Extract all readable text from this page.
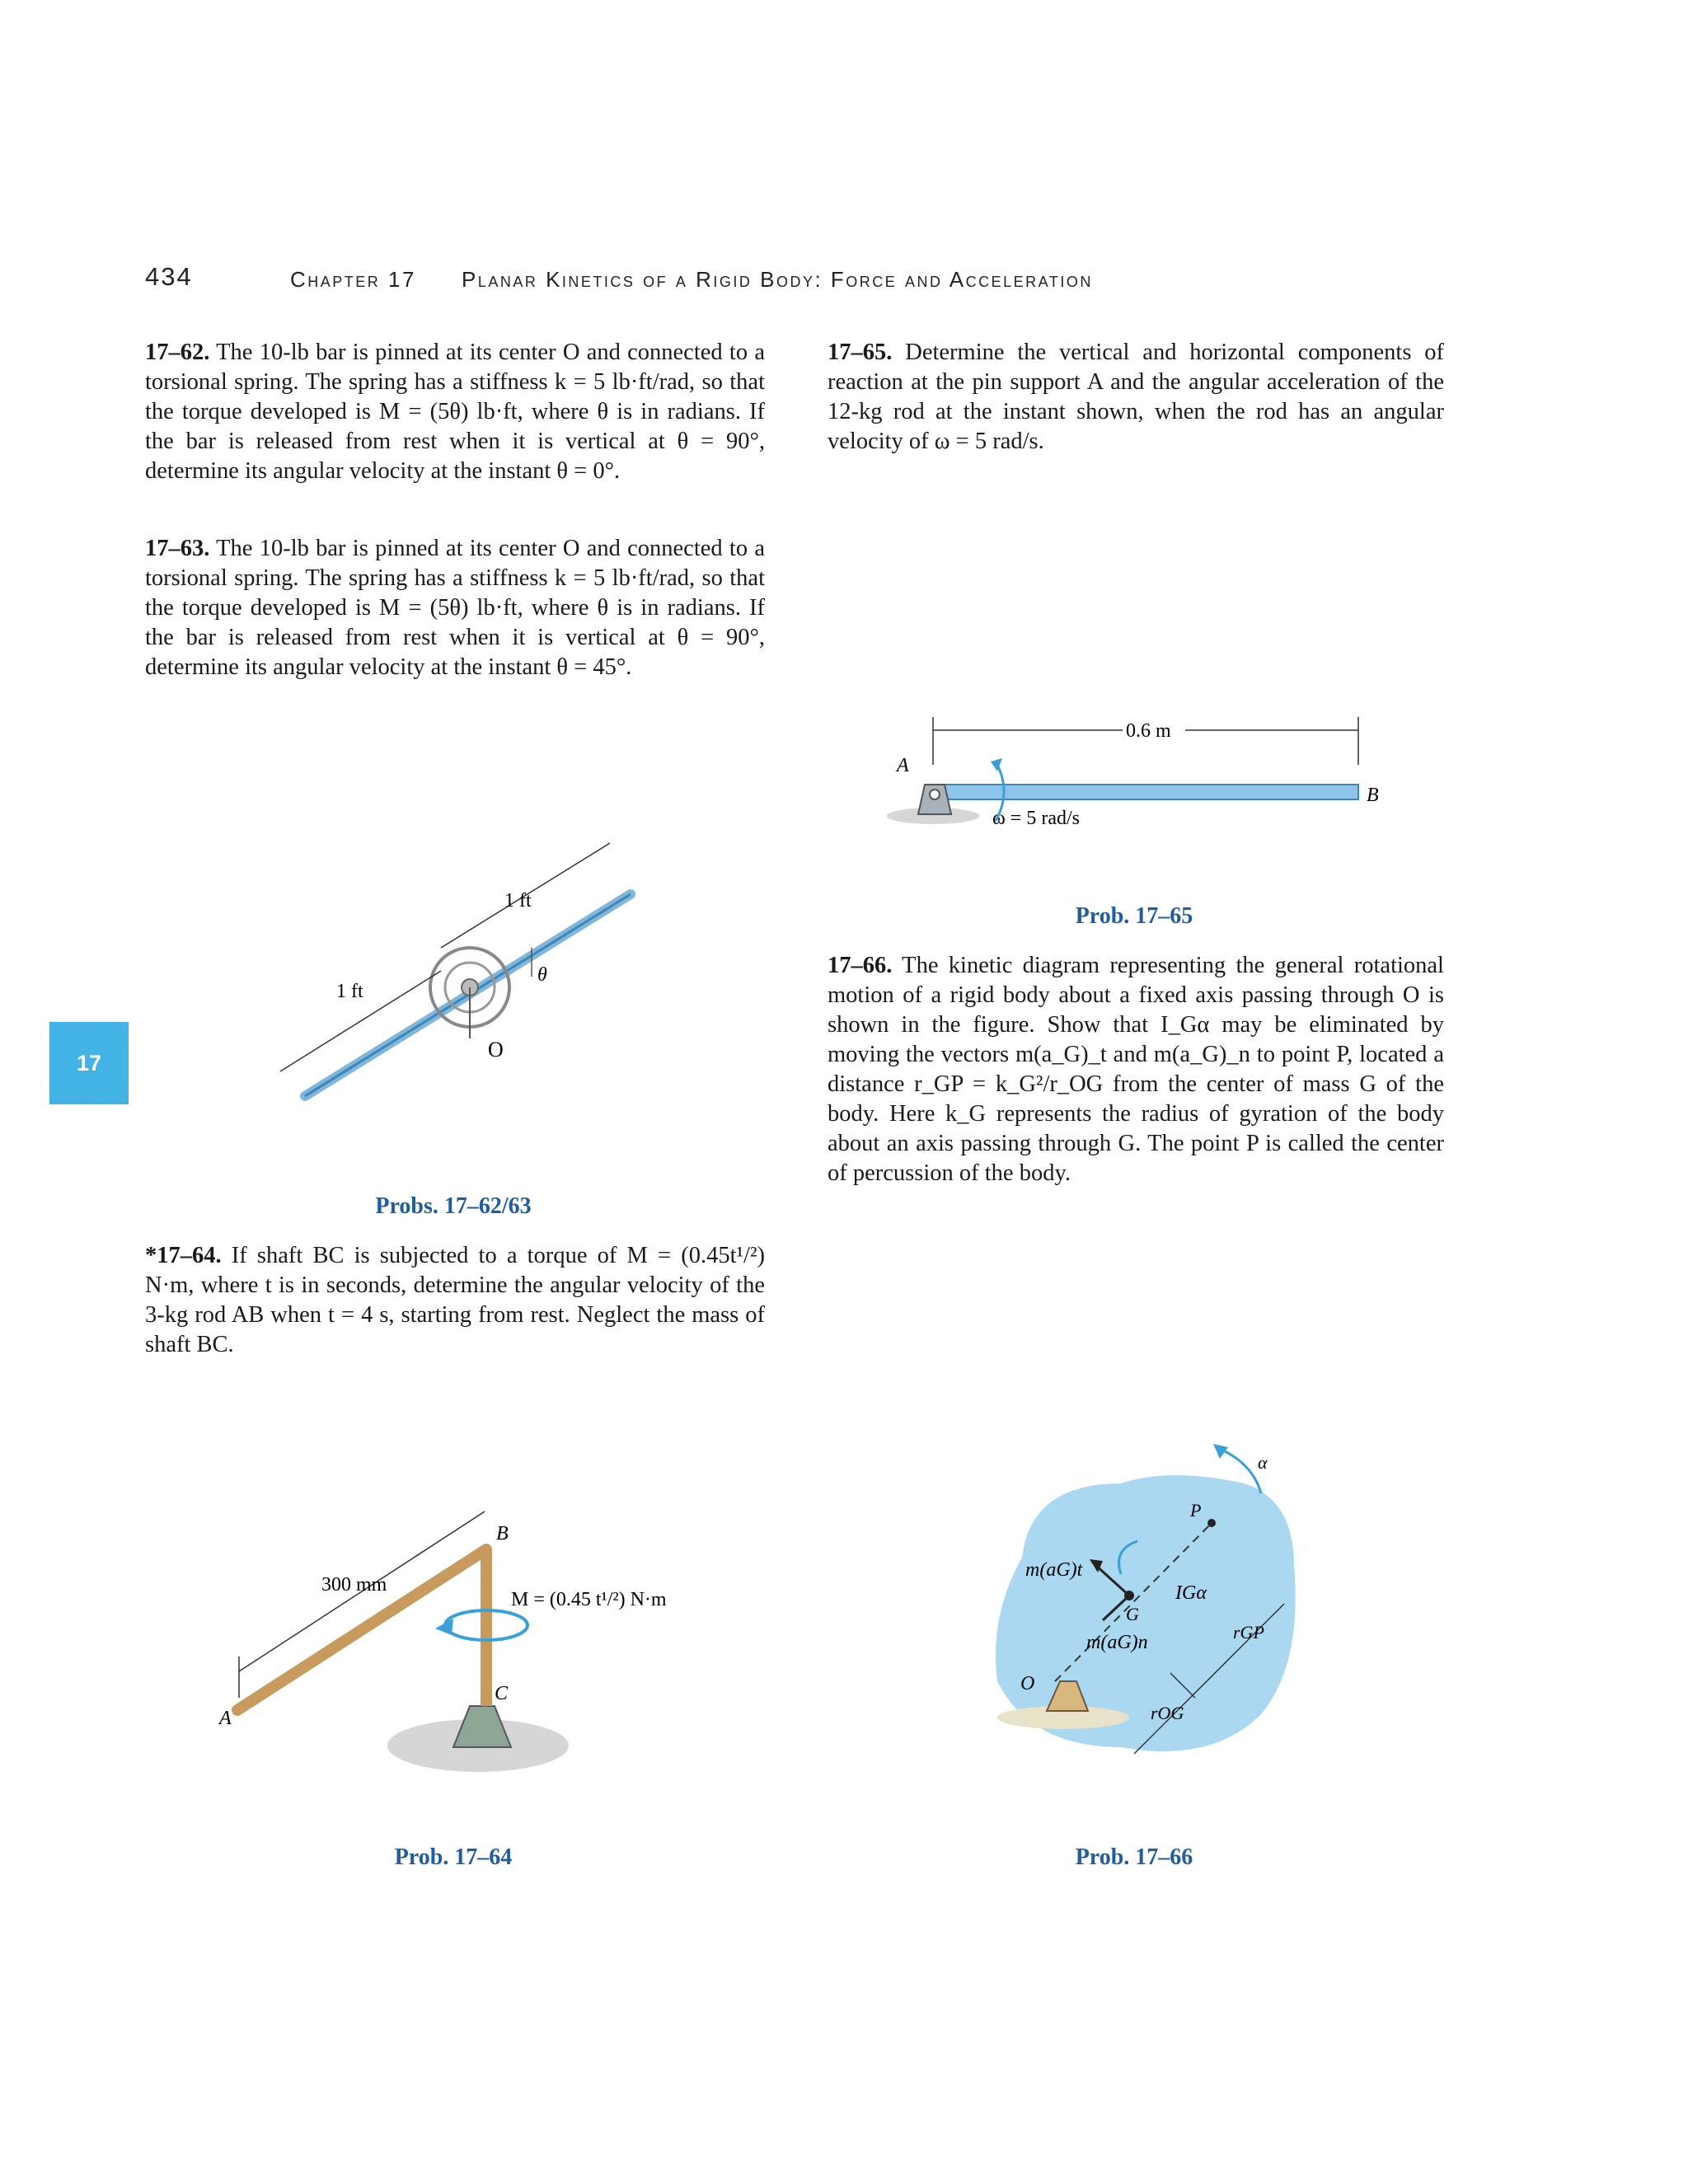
434	Chapter 17 Planar Kinetics of a Rigid Body: Force and Acceleration
17

17–62. The 10-lb bar is pinned at its center O and connected to a torsional spring. The spring has a stiffness k = 5 lb·ft/rad, so that the torque developed is M = (5θ) lb·ft, where θ is in radians. If the bar is released from rest when it is vertical at θ = 90°, determine its angular velocity at the instant θ = 0°.

17–63. The 10-lb bar is pinned at its center O and connected to a torsional spring. The spring has a stiffness k = 5 lb·ft/rad, so that the torque developed is M = (5θ) lb·ft, where θ is in radians. If the bar is released from rest when it is vertical at θ = 90°, determine its angular velocity at the instant θ = 45°.

*17–64. If shaft BC is subjected to a torque of M = (0.45t¹/²) N·m, where t is in seconds, determine the angular velocity of the 3-kg rod AB when t = 4 s, starting from rest. Neglect the mass of shaft BC.

17–65. Determine the vertical and horizontal components of reaction at the pin support A and the angular acceleration of the 12-kg rod at the instant shown, when the rod has an angular velocity of ω = 5 rad/s.

17–66. The kinetic diagram representing the general rotational motion of a rigid body about a fixed axis passing through O is shown in the figure. Show that I_Gα may be eliminated by moving the vectors m(a_G)_t and m(a_G)_n to point P, located a distance r_GP = k_G²/r_OG from the center of mass G of the body. Here k_G represents the radius of gyration of the body about an axis passing through G. The point P is called the center of percussion of the body.

1 ft
1 ft
θ
O
Probs. 17–62/63
300 mm
A
B
C
M = (0.45 t¹/²) N·m
Prob. 17–64
0.6 m
A
B
ω = 5 rad/s
Prob. 17–65
α
P
m(aG)t
G
IGα
m(aG)n
O
rGP
rOG
Prob. 17–66
